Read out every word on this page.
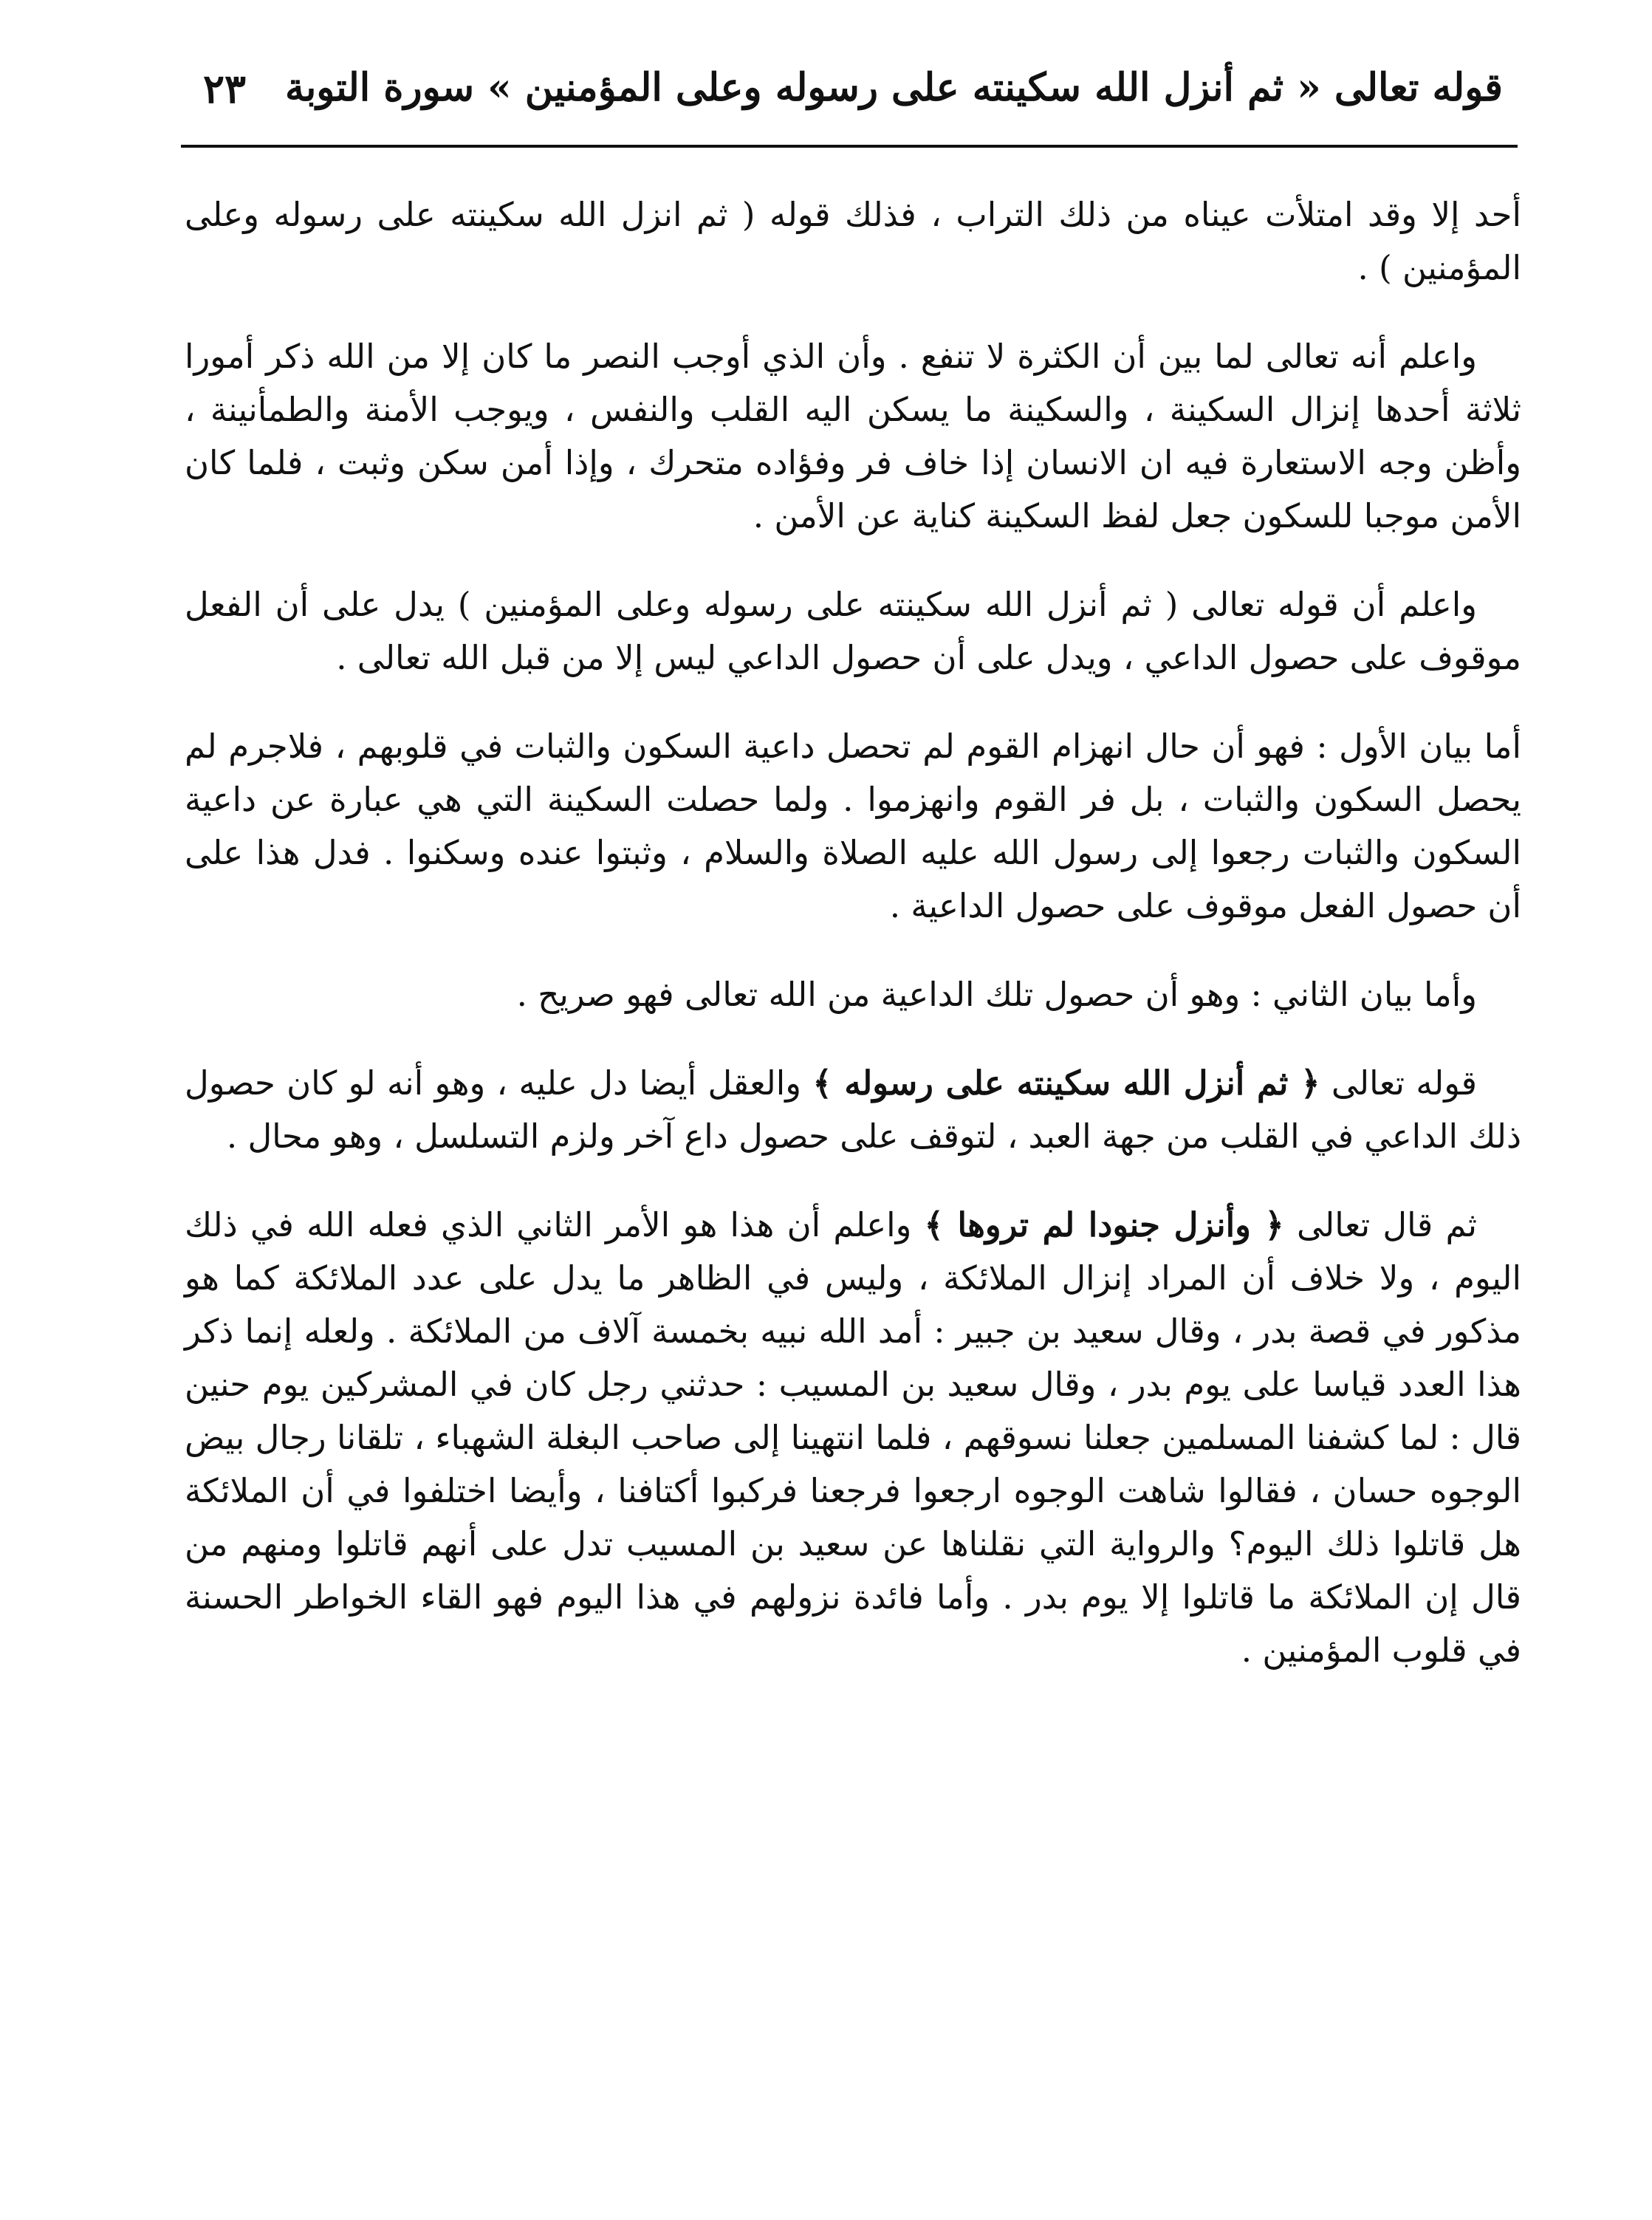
قوله تعالى « ثم أنزل الله سكينته على رسوله وعلى المؤمنين » سورة التوبة
٢٣

أحد إلا وقد امتلأت عيناه من ذلك التراب ، فذلك قوله ( ثم انزل الله سكينته على رسوله وعلى المؤمنين ) .

واعلم أنه تعالى لما بين أن الكثرة لا تنفع . وأن الذي أوجب النصر ما كان إلا من الله ذكر أمورا ثلاثة أحدها إنزال السكينة ، والسكينة ما يسكن اليه القلب والنفس ، ويوجب الأمنة والطمأنينة ، وأظن وجه الاستعارة فيه ان الانسان إذا خاف فر وفؤاده متحرك ، وإذا أمن سكن وثبت ، فلما كان الأمن موجبا للسكون جعل لفظ السكينة كناية عن الأمن .

واعلم أن قوله تعالى ( ثم أنزل الله سكينته على رسوله وعلى المؤمنين ) يدل على أن الفعل موقوف على حصول الداعي ، ويدل على أن حصول الداعي ليس إلا من قبل الله تعالى .

أما بيان الأول : فهو أن حال انهزام القوم لم تحصل داعية السكون والثبات في قلوبهم ، فلاجرم لم يحصل السكون والثبات ، بل فر القوم وانهزموا . ولما حصلت السكينة التي هي عبارة عن داعية السكون والثبات رجعوا إلى رسول الله عليه الصلاة والسلام ، وثبتوا عنده وسكنوا . فدل هذا على أن حصول الفعل موقوف على حصول الداعية .

وأما بيان الثاني : وهو أن حصول تلك الداعية من الله تعالى فهو صريح .

قوله تعالى ﴿ ثم أنزل الله سكينته على رسوله ﴾ والعقل أيضا دل عليه ، وهو أنه لو كان حصول ذلك الداعي في القلب من جهة العبد ، لتوقف على حصول داع آخر ولزم التسلسل ، وهو محال .

ثم قال تعالى ﴿ وأنزل جنودا لم تروها ﴾ واعلم أن هذا هو الأمر الثاني الذي فعله الله في ذلك اليوم ، ولا خلاف أن المراد إنزال الملائكة ، وليس في الظاهر ما يدل على عدد الملائكة كما هو مذكور في قصة بدر ، وقال سعيد بن جبير : أمد الله نبيه بخمسة آلاف من الملائكة . ولعله إنما ذكر هذا العدد قياسا على يوم بدر ، وقال سعيد بن المسيب : حدثني رجل كان في المشركين يوم حنين قال : لما كشفنا المسلمين جعلنا نسوقهم ، فلما انتهينا إلى صاحب البغلة الشهباء ، تلقانا رجال بيض الوجوه حسان ، فقالوا شاهت الوجوه ارجعوا فرجعنا فركبوا أكتافنا ، وأيضا اختلفوا في أن الملائكة هل قاتلوا ذلك اليوم؟ والرواية التي نقلناها عن سعيد بن المسيب تدل على أنهم قاتلوا ومنهم من قال إن الملائكة ما قاتلوا إلا يوم بدر . وأما فائدة نزولهم في هذا اليوم فهو القاء الخواطر الحسنة في قلوب المؤمنين .
